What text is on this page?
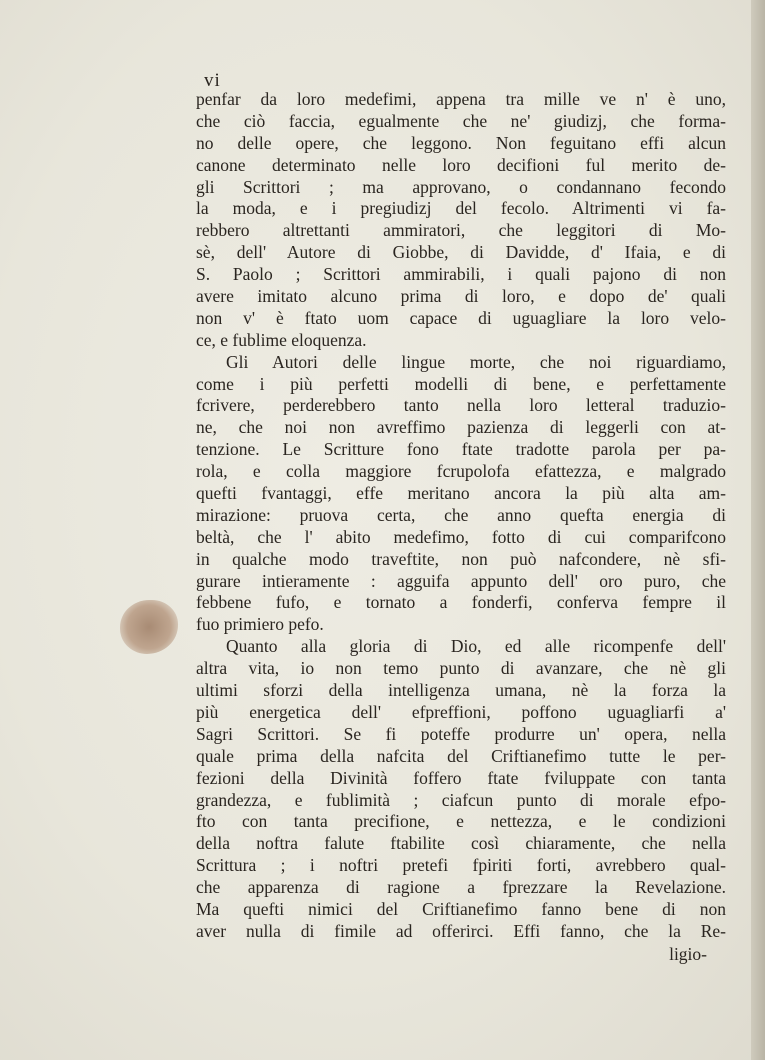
vi
penfar da loro medefimi, appena tra mille ve n' è uno,
che ciò faccia, egualmente che ne' giudizj, che forma-
no delle opere, che leggono. Non feguitano effi alcun
canone determinato nelle loro decifioni ful merito de-
gli Scrittori ; ma approvano, o condannano fecondo
la moda, e i pregiudizj del fecolo. Altrimenti vi fa-
rebbero altrettanti ammiratori, che leggitori di Mo-
sè, dell' Autore di Giobbe, di Davidde, d' Ifaia, e di
S. Paolo ; Scrittori ammirabili, i quali pajono di non
avere imitato alcuno prima di loro, e dopo de' quali
non v' è ftato uom capace di uguagliare la loro velo-
ce, e fublime eloquenza.
Gli Autori delle lingue morte, che noi riguardiamo,
come i più perfetti modelli di bene, e perfettamente
fcrivere, perderebbero tanto nella loro letteral traduzio-
ne, che noi non avreffimo pazienza di leggerli con at-
tenzione. Le Scritture fono ftate tradotte parola per pa-
rola, e colla maggiore fcrupolofa efattezza, e malgrado
quefti fvantaggi, effe meritano ancora la più alta am-
mirazione: pruova certa, che anno quefta energia di
beltà, che l' abito medefimo, fotto di cui comparifcono
in qualche modo traveftite, non può nafcondere, nè sfi-
gurare intieramente : agguifa appunto dell' oro puro, che
febbene fufo, e tornato a fonderfi, conferva fempre il
fuo primiero pefo.
Quanto alla gloria di Dio, ed alle ricompenfe dell'
altra vita, io non temo punto di avanzare, che nè gli
ultimi sforzi della intelligenza umana, nè la forza la
più energetica dell' efpreffioni, poffono uguagliarfi a'
Sagri Scrittori. Se fi poteffe produrre un' opera, nella
quale prima della nafcita del Criftianefimo tutte le per-
fezioni della Divinità foffero ftate fviluppate con tanta
grandezza, e fublimità ; ciafcun punto di morale efpo-
fto con tanta precifione, e nettezza, e le condizioni
della noftra falute ftabilite così chiaramente, che nella
Scrittura ; i noftri pretefi fpiriti forti, avrebbero qual-
che apparenza di ragione a fprezzare la Revelazione.
Ma quefti nimici del Criftianefimo fanno bene di non
aver nulla di fimile ad offerirci. Effi fanno, che la Re-
ligio-
